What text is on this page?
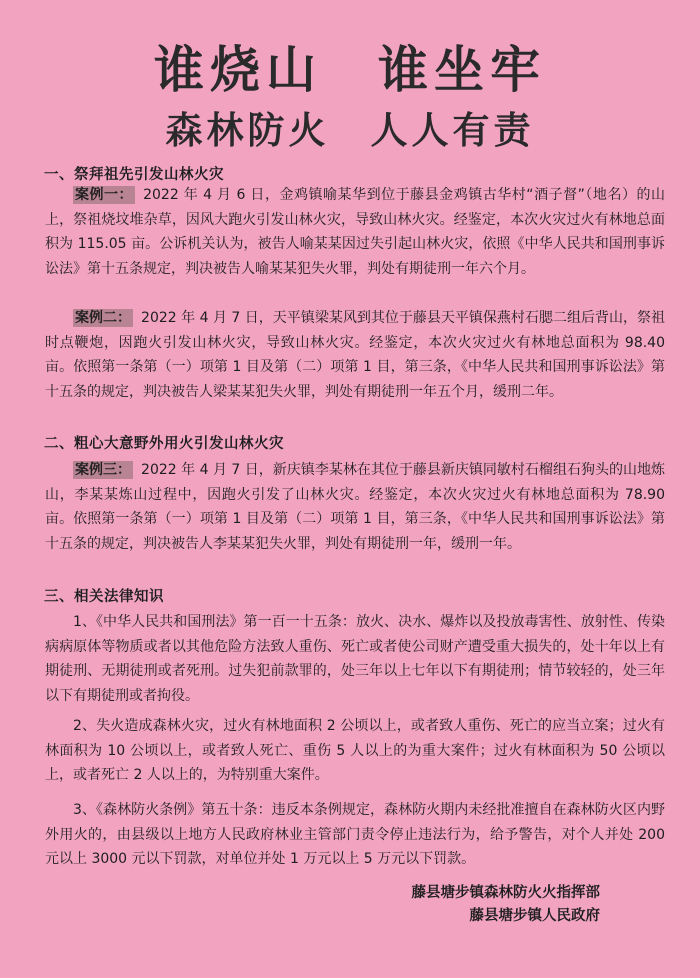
谁烧山　谁坐牢
森林防火　人人有责
一、祭拜祖先引发山林火灾
案例一： 2022 年 4 月 6 日，金鸡镇喻某华到位于藤县金鸡镇古华村“酒子督”（地名）的山上，祭祖烧坟堆杂草，因风大跑火引发山林火灾，导致山林火灾。经鉴定，本次火灾过火有林地总面积为 115.05 亩。公诉机关认为，被告人喻某某因过失引起山林火灾，依照《中华人民共和国刑事诉讼法》第十五条规定，判决被告人喻某某犯失火罪，判处有期徒刑一年六个月。
案例二： 2022 年 4 月 7 日，天平镇梁某风到其位于藤县天平镇保燕村石腮二组后背山，祭祖时点鞭炮，因跑火引发山林火灾，导致山林火灾。经鉴定，本次火灾过火有林地总面积为 98.40 亩。依照第一条第（一）项第 1 目及第（二）项第 1 目，第三条，《中华人民共和国刑事诉讼法》第十五条的规定，判决被告人梁某某犯失火罪，判处有期徒刑一年五个月，缓刑二年。
二、粗心大意野外用火引发山林火灾
案例三： 2022 年 4 月 7 日，新庆镇李某林在其位于藤县新庆镇同敏村石榴组石狗头的山地炼山，李某某炼山过程中，因跑火引发了山林火灾。经鉴定，本次火灾过火有林地总面积为 78.90 亩。依照第一条第（一）项第 1 目及第（二）项第 1 目，第三条，《中华人民共和国刑事诉讼法》第十五条的规定，判决被告人李某某犯失火罪，判处有期徒刑一年，缓刑一年。
三、相关法律知识
1、《中华人民共和国刑法》第一百一十五条：放火、决水、爆炸以及投放毒害性、放射性、传染病病原体等物质或者以其他危险方法致人重伤、死亡或者使公司财产遭受重大损失的，处十年以上有期徒刑、无期徒刑或者死刑。过失犯前款罪的，处三年以上七年以下有期徒刑；情节较轻的，处三年以下有期徒刑或者拘役。
2、失火造成森林火灾，过火有林地面积 2 公顷以上，或者致人重伤、死亡的应当立案；过火有林面积为 10 公顷以上，或者致人死亡、重伤 5 人以上的为重大案件；过火有林面积为 50 公顷以上，或者死亡 2 人以上的，为特别重大案件。
3、《森林防火条例》第五十条：违反本条例规定，森林防火期内未经批准擅自在森林防火区内野外用火的，由县级以上地方人民政府林业主管部门责令停止违法行为，给予警告，对个人并处 200 元以上 3000 元以下罚款，对单位并处 1 万元以上 5 万元以下罚款。
藤县塘步镇森林防火火指挥部
藤县塘步镇人民政府
